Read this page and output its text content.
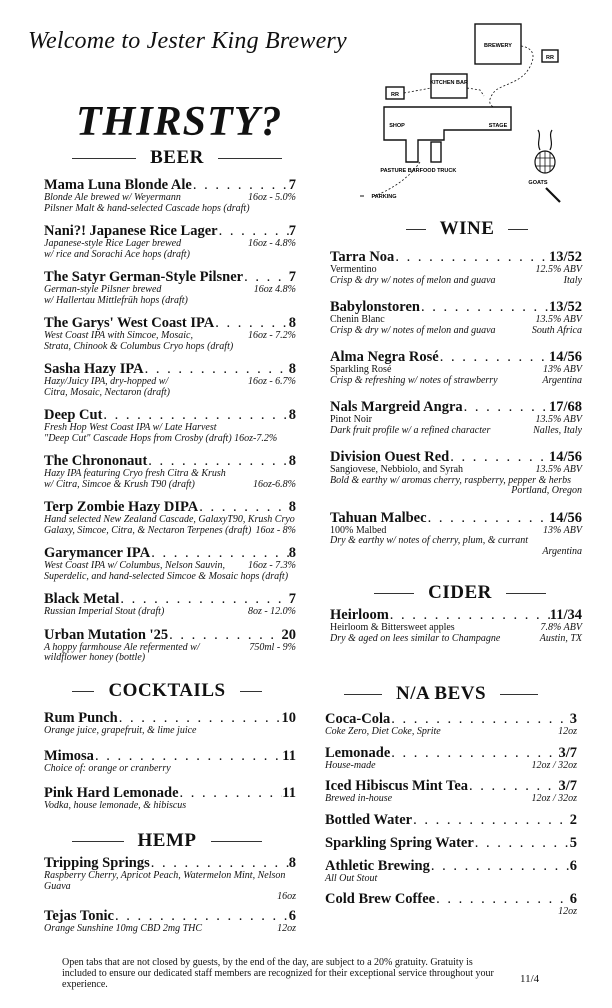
Welcome to Jester King Brewery
THIRSTY?
BREWERY
RR
KITCHEN BAR
RR
SHOP	STAGE
PASTURE BAR FOOD TRUCK
GOATS
PARKING
BEER
Mama Luna Blonde Ale . . .	7
Blonde Ale brewed w/ Weyermann	16oz - 5.0%
Pilsner Malt & hand-selected Cascade hops (draft)
Nani?! Japanese Rice Lager . . .	7
Japanese-style Rice Lager brewed	16oz - 4.8%
w/ rice and Sorachi Ace hops (draft)
The Satyr German-Style Pilsner . . .	7
German-style Pilsner brewed	16oz 4.8%
w/ Hallertau Mittlefrüh hops (draft)
The Garys' West Coast IPA . . .	8
West Coast IPA with Simcoe, Mosaic,	16oz - 7.2%
Strata, Chinook & Columbus Cryo hops (draft)
Sasha Hazy IPA . . .	8
Hazy/Juicy IPA, dry-hopped w/	16oz - 6.7%
Citra, Mosaic, Nectaron (draft)
Deep Cut . . .	8
Fresh Hop West Coast IPA w/ Late Harvest
"Deep Cut" Cascade Hops from Crosby (draft) 16oz-7.2%
The Chrononaut . . .	8
Hazy IPA featuring Cryo fresh Citra & Krush
w/ Citra, Simcoe & Krush T90 (draft)	16oz-6.8%
Terp Zombie Hazy DIPA . . .	8
Hand selected New Zealand Cascade, GalaxyT90, Krush Cryo
Galaxy, Simcoe, Citra, & Nectaron Terpenes (draft) 16oz - 8%
Garymancer IPA . . .	8
West Coast IPA w/ Columbus, Nelson Sauvin, 16oz - 7.3%
Superdelic, and hand-selected Simcoe & Mosaic hops (draft)
Black Metal . . .	7
Russian Imperial Stout (draft)	8oz - 12.0%
Urban Mutation '25 . . .	20
A hoppy farmhouse Ale refermented w/	750ml - 9%
wildflower honey (bottle)
COCKTAILS
Rum Punch . . .	10
Orange juice, grapefruit, & lime juice
Mimosa . . .	11
Choice of: orange or cranberry
Pink Hard Lemonade . . .	11
Vodka, house lemonade, & hibiscus
HEMP
Tripping Springs . . .	8
Raspberry Cherry, Apricot Peach, Watermelon Mint, Nelson Guava
16oz
Tejas Tonic . . .	6
Orange Sunshine 10mg CBD 2mg THC	12oz
WINE
Tarra Noa . . .	13/52
Vermentino	12.5% ABV
Crisp & dry w/ notes of melon and guava	Italy
Babylonstoren . . .	13/52
Chenin Blanc	13.5% ABV
Crisp & dry w/ notes of melon and guava	South Africa
Alma Negra Rosé . . .	14/56
Sparkling Rosé	13% ABV
Crisp & refreshing w/ notes of strawberry	Argentina
Nals Margreid Angra . . .	17/68
Pinot Noir	13.5% ABV
Dark fruit profile w/ a refined character	Nalles, Italy
Division Ouest Red . . .	14/56
Sangiovese, Nebbiolo, and Syrah	13.5% ABV
Bold & earthy w/ aromas cherry, raspberry, pepper & herbs
Portland, Oregon
Tahuan Malbec . . .	14/56
100% Malbed	13% ABV
Dry & earthy w/ notes of cherry, plum, & currant
Argentina
CIDER
Heirloom . . .	11/34
Heirloom & Bittersweet apples	7.8% ABV
Dry & aged on lees similar to Champagne	Austin, TX
N/A BEVS
Coca-Cola . . .	3
Coke Zero, Diet Coke, Sprite	12oz
Lemonade . . .	3/7
House-made	12oz / 32oz
Iced Hibiscus Mint Tea . . .	3/7
Brewed in-house	12oz / 32oz
Bottled Water . . .	2
Sparkling Spring Water . . .	5
Athletic Brewing . . .	6
All Out Stout
Cold Brew Coffee . . .	6
12oz
Open tabs that are not closed by guests, by the end of the day, are subject to a 20% gratuity. Gratuity is included to ensure our dedicated staff members are recognized for their exceptional service throughout your experience.	11/4
